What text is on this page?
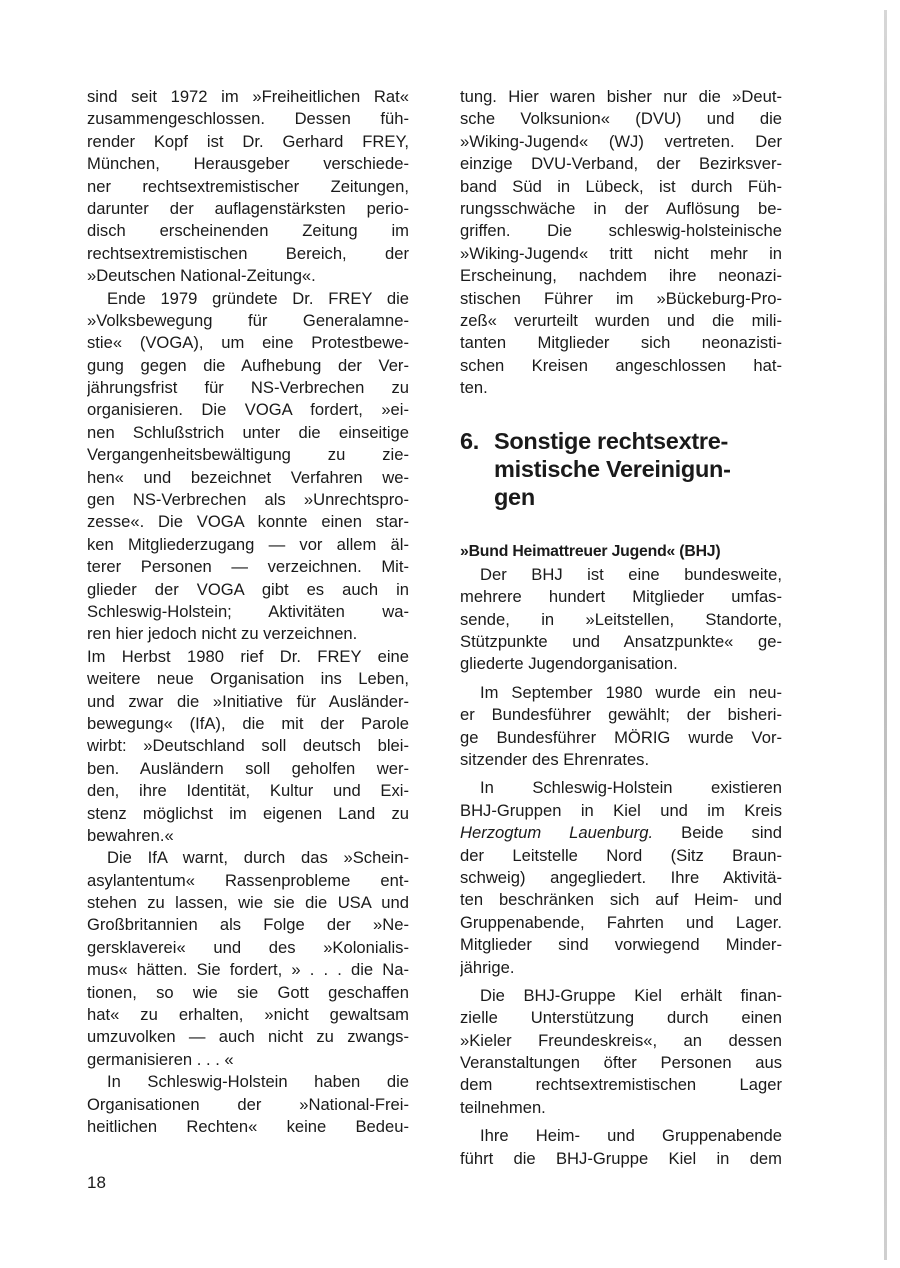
sind seit 1972 im »Freiheitlichen Rat«
zusammengeschlossen. Dessen füh-
render Kopf ist Dr. Gerhard FREY,
München, Herausgeber verschiede-
ner rechtsextremistischer Zeitungen,
darunter der auflagenstärksten perio-
disch erscheinenden Zeitung im
rechtsextremistischen Bereich, der
»Deutschen National-Zeitung«.
Ende 1979 gründete Dr. FREY die
»Volksbewegung für Generalamne-
stie« (VOGA), um eine Protestbewe-
gung gegen die Aufhebung der Ver-
jährungsfrist für NS-Verbrechen zu
organisieren. Die VOGA fordert, »ei-
nen Schlußstrich unter die einseitige
Vergangenheitsbewältigung zu zie-
hen« und bezeichnet Verfahren we-
gen NS-Verbrechen als »Unrechtspro-
zesse«. Die VOGA konnte einen star-
ken Mitgliederzugang — vor allem äl-
terer Personen — verzeichnen. Mit-
glieder der VOGA gibt es auch in
Schleswig-Holstein; Aktivitäten wa-
ren hier jedoch nicht zu verzeichnen.
Im Herbst 1980 rief Dr. FREY eine
weitere neue Organisation ins Leben,
und zwar die »Initiative für Ausländer-
bewegung« (IfA), die mit der Parole
wirbt: »Deutschland soll deutsch blei-
ben. Ausländern soll geholfen wer-
den, ihre Identität, Kultur und Exi-
stenz möglichst im eigenen Land zu
bewahren.«
Die IfA warnt, durch das »Schein-
asylantentum« Rassenprobleme ent-
stehen zu lassen, wie sie die USA und
Großbritannien als Folge der »Ne-
gersklaverei« und des »Kolonialis-
mus« hätten. Sie fordert, » . . . die Na-
tionen, so wie sie Gott geschaffen
hat« zu erhalten, »nicht gewaltsam
umzuvolken — auch nicht zu zwangs-
germanisieren . . . «
In Schleswig-Holstein haben die
Organisationen der »National-Frei-
heitlichen Rechten« keine Bedeu-
tung. Hier waren bisher nur die »Deut-
sche Volksunion« (DVU) und die
»Wiking-Jugend« (WJ) vertreten. Der
einzige DVU-Verband, der Bezirksver-
band Süd in Lübeck, ist durch Füh-
rungsschwäche in der Auflösung be-
griffen. Die schleswig-holsteinische
»Wiking-Jugend« tritt nicht mehr in
Erscheinung, nachdem ihre neonazi-
stischen Führer im »Bückeburg-Pro-
zeß« verurteilt wurden und die mili-
tanten Mitglieder sich neonazisti-
schen Kreisen angeschlossen hat-
ten.
6. Sonstige rechtsextre-
mistische Vereinigun-
gen
»Bund Heimattreuer Jugend« (BHJ)
Der BHJ ist eine bundesweite,
mehrere hundert Mitglieder umfas-
sende, in »Leitstellen, Standorte,
Stützpunkte und Ansatzpunkte« ge-
gliederte Jugendorganisation.
Im September 1980 wurde ein neu-
er Bundesführer gewählt; der bisheri-
ge Bundesführer MÖRIG wurde Vor-
sitzender des Ehrenrates.
In Schleswig-Holstein existieren
BHJ-Gruppen in Kiel und im Kreis
Herzogtum Lauenburg. Beide sind
der Leitstelle Nord (Sitz Braun-
schweig) angegliedert. Ihre Aktivitä-
ten beschränken sich auf Heim- und
Gruppenabende, Fahrten und Lager.
Mitglieder sind vorwiegend Minder-
jährige.
Die BHJ-Gruppe Kiel erhält finan-
zielle Unterstützung durch einen
»Kieler Freundeskreis«, an dessen
Veranstaltungen öfter Personen aus
dem rechtsextremistischen Lager
teilnehmen.
Ihre Heim- und Gruppenabende
führt die BHJ-Gruppe Kiel in dem
18
